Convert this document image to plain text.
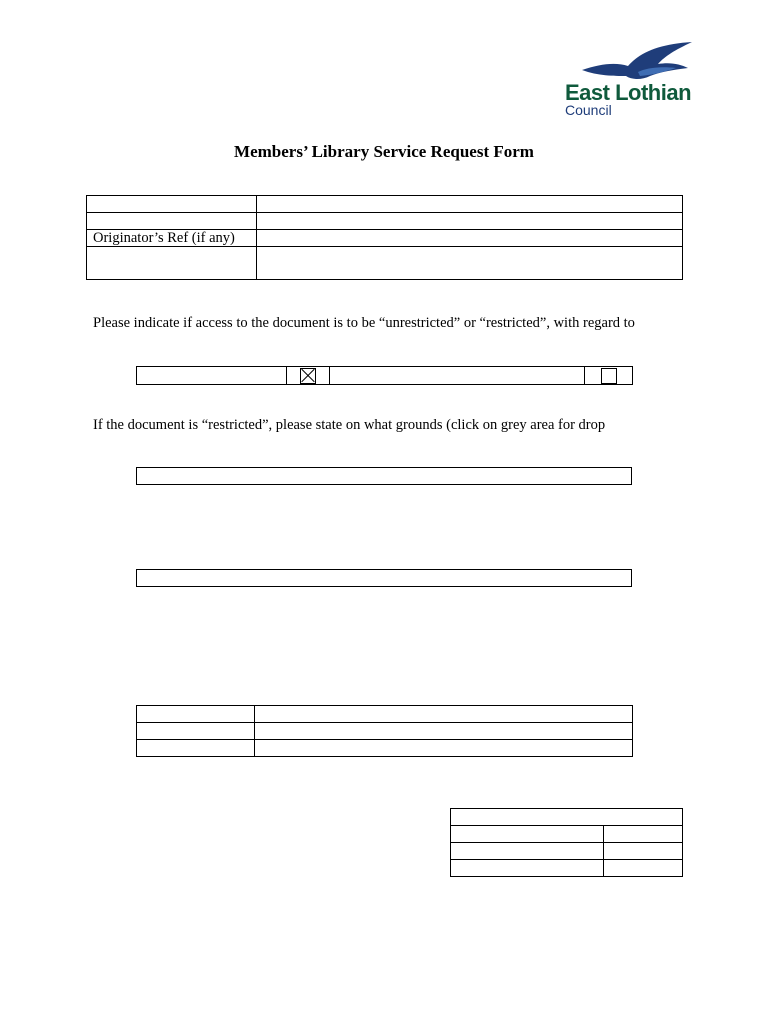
East Lothian
Council
Members’ Library Service Request Form

Originator’s Ref (if any)	

Please indicate if access to the document is to be “unrestricted” or “restricted”, with regard to

If the document is “restricted”, please state on what grounds (click on grey area for drop
